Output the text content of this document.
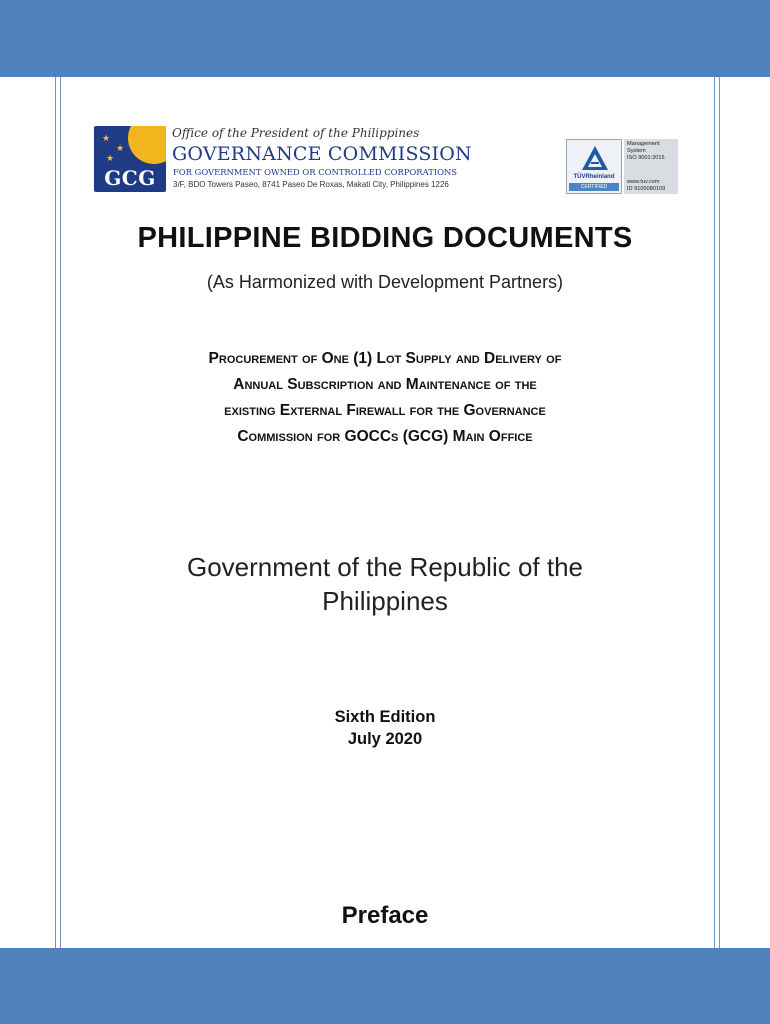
★
★
★
GCG
Office of the President of the Philippines
GOVERNANCE COMMISSION
FOR GOVERNMENT OWNED OR CONTROLLED CORPORATIONS
3/F, BDO Towers Paseo, 8741 Paseo De Roxas, Makati City, Philippines 1226
TÜVRheinland
CERTIFIED
Management
System
ISO 9001:2015
www.tuv.com
ID 9105080109
PHILIPPINE BIDDING DOCUMENTS
(As Harmonized with Development Partners)
Procurement of One (1) Lot Supply and Delivery of
Annual Subscription and Maintenance of the
existing External Firewall for the Governance
Commission for GOCCs (GCG) Main Office
Government of the Republic of the
Philippines
Sixth Edition
July 2020
Preface
